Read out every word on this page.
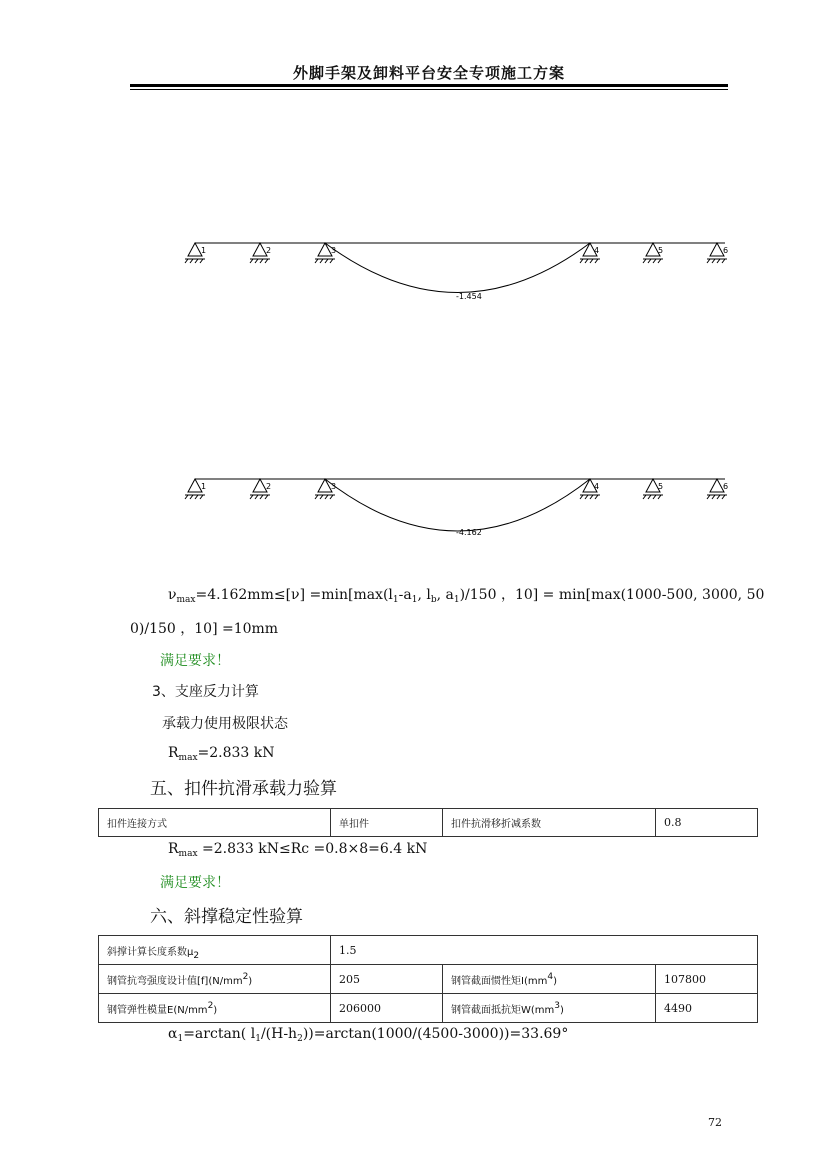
外脚手架及卸料平台安全专项施工方案
1	2	3	4	5	6
-1.454
1	2	3	4	5	6
-4.162
$\nu_{max}=4.162mm\le[\nu] =\min[\max(l_1-a_1$, $l_b$, $a_1)/150$ ，10] = min[max(1000-500, 3000, 50
0)/150 ，10] =10mm
满足要求！
3、支座反力计算
承载力使用极限状态
$R_{max}=2.833$ kN
五、扣件抗滑承载力验算
扣件连接方式	单扣件	扣件抗滑移折减系数	0.8
$R_{max} =2.833$ kN≤Rc =0.8×8=6.4 kN
满足要求！
六、斜撑稳定性验算
斜撑计算长度系数μ2	1.5		
钢管抗弯强度设计值[f](N/mm2)	205	钢管截面惯性矩I(mm4)	107800
钢管弹性模量E(N/mm2)	206000	钢管截面抵抗矩W(mm3)	4490
$\alpha_1=\arctan$( $l_1/(H-h_2))=\arctan(1000/(4500-3000))=33.69^\circ$
72
